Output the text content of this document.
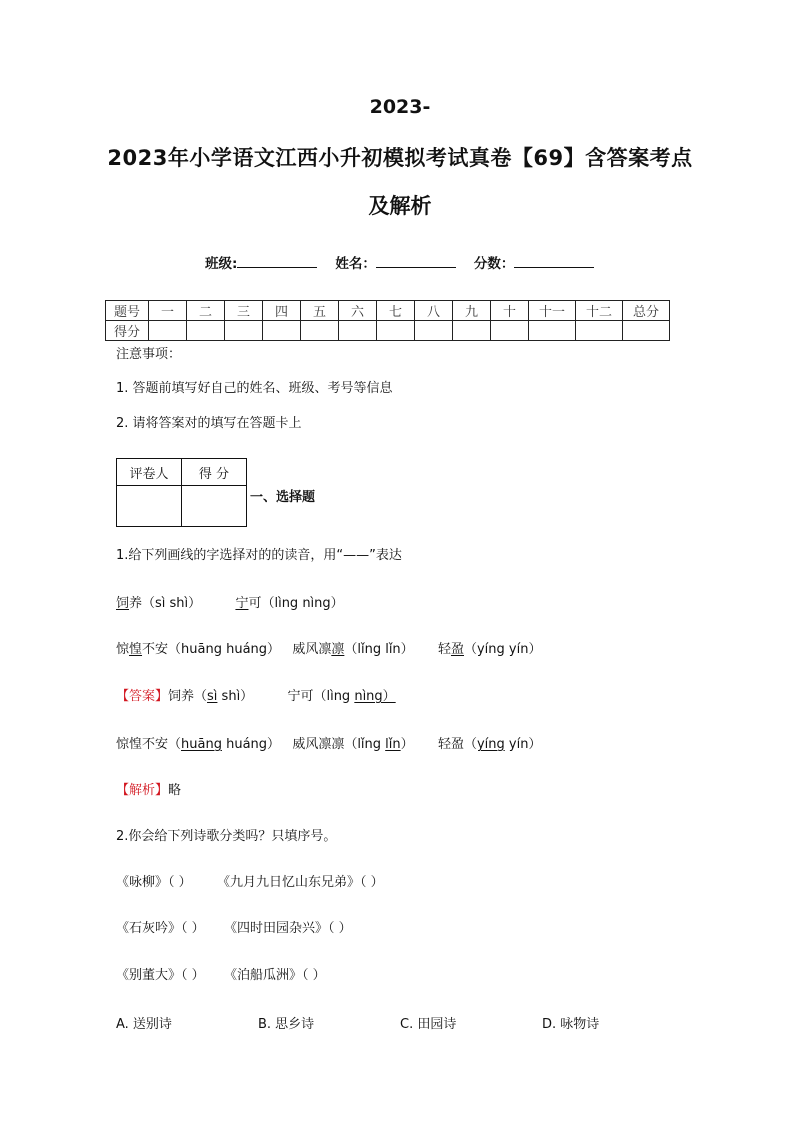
2023-
2023年小学语文江西小升初模拟考试真卷【69】含答案考点
及解析
班级:	姓名：	分数：
题号	一	二	三	四	五	六	七	八	九	十	十一	十二	总分
得分													
注意事项：
1. 答题前填写好自己的姓名、班级、考号等信息
2. 请将答案对的填写在答题卡上
评卷人	得 分

一、选择题
1.给下列画线的字选择对的的读音，用“——”表达
饲养（sì shì）	宁可（lìng nìng）
惊惶不安（huāng huáng） 威风凛凛（lǐng lǐn） 轻盈（yíng yín）
【答案】饲养（sì shì）	宁可（lìng nìng）
惊惶不安（huāng huáng） 威风凛凛（lǐng lǐn） 轻盈（yíng yín）
【解析】略
2.你会给下列诗歌分类吗？只填序号。
《咏柳》（ ） 《九月九日忆山东兄弟》（ ）
《石灰吟》（ ） 《四时田园杂兴》（ ）
《别董大》（ ） 《泊船瓜洲》（ ）
A. 送别诗	B. 思乡诗	C. 田园诗	D. 咏物诗
